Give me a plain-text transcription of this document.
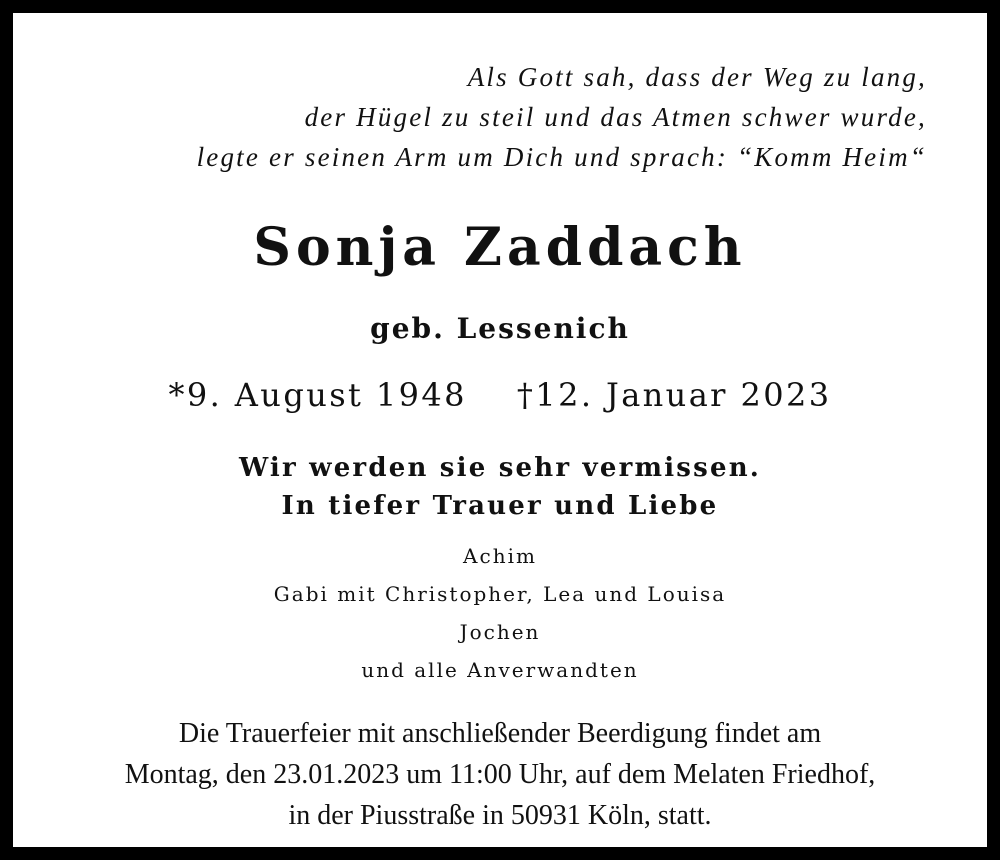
Als Gott sah, dass der Weg zu lang,
der Hügel zu steil und das Atmen schwer wurde,
legte er seinen Arm um Dich und sprach: “Komm Heim“
Sonja Zaddach
geb. Lessenich
*9. August 1948 †12. Januar 2023
Wir werden sie sehr vermissen.
In tiefer Trauer und Liebe
Achim
Gabi mit Christopher, Lea und Louisa
Jochen
und alle Anverwandten
Die Trauerfeier mit anschließender Beerdigung findet am
Montag, den 23.01.2023 um 11:00 Uhr, auf dem Melaten Friedhof,
in der Piusstraße in 50931 Köln, statt.
